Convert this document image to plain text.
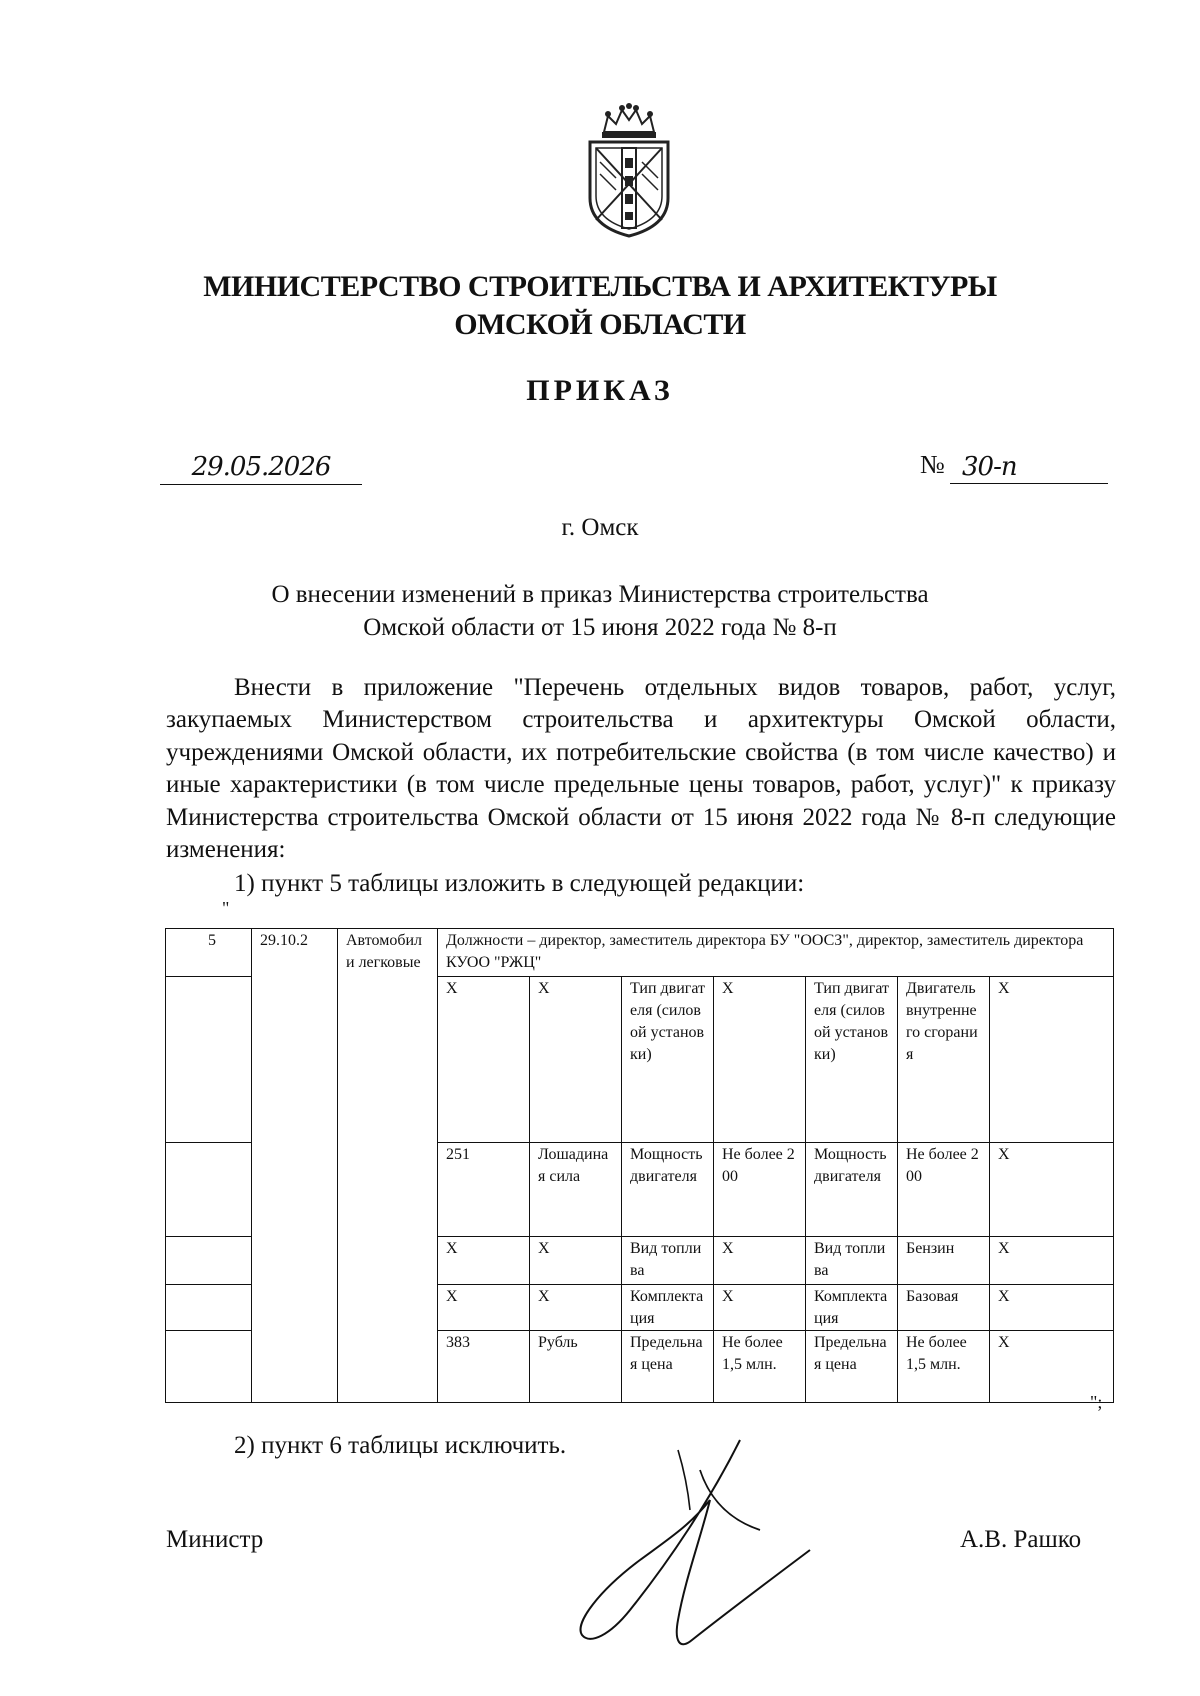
МИНИСТЕРСТВО СТРОИТЕЛЬСТВА И АРХИТЕКТУРЫ
ОМСКОЙ ОБЛАСТИ
ПРИКАЗ
29.05.2026	№ 30-п
г. Омск
О внесении изменений в приказ Министерства строительства
Омской области от 15 июня 2022 года № 8-п
Внести в приложение "Перечень отдельных видов товаров, работ, услуг, закупаемых Министерством строительства и архитектуры Омской области, учреждениями Омской области, их потребительские свойства (в том числе качество) и иные характеристики (в том числе предельные цены товаров, работ, услуг)" к приказу Министерства строительства Омской области от 15 июня 2022 года № 8-п следующие изменения:
1) пункт 5 таблицы изложить в следующей редакции:
"
5	29.10.2	Автомобили легковые	Должности – директор, заместитель директора БУ "ООСЗ", директор, заместитель директора КУОО "РЖЦ"						
			X	X	Тип двигателя (силовой установки)	X	Тип двигателя (силовой установки)	Двигатель внутреннего сгорания	X
			251	Лошадиная сила	Мощность двигателя	Не более 200	Мощность двигателя	Не более 200	X
			X	X	Вид топлива	X	Вид топлива	Бензин	X
			X	X	Комплектация	X	Комплектация	Базовая	X
			383	Рубль	Предельная цена	Не более 1,5 млн.	Предельная цена	Не более 1,5 млн.	X
";
2) пункт 6 таблицы исключить.
Министр	А.В. Рашко
